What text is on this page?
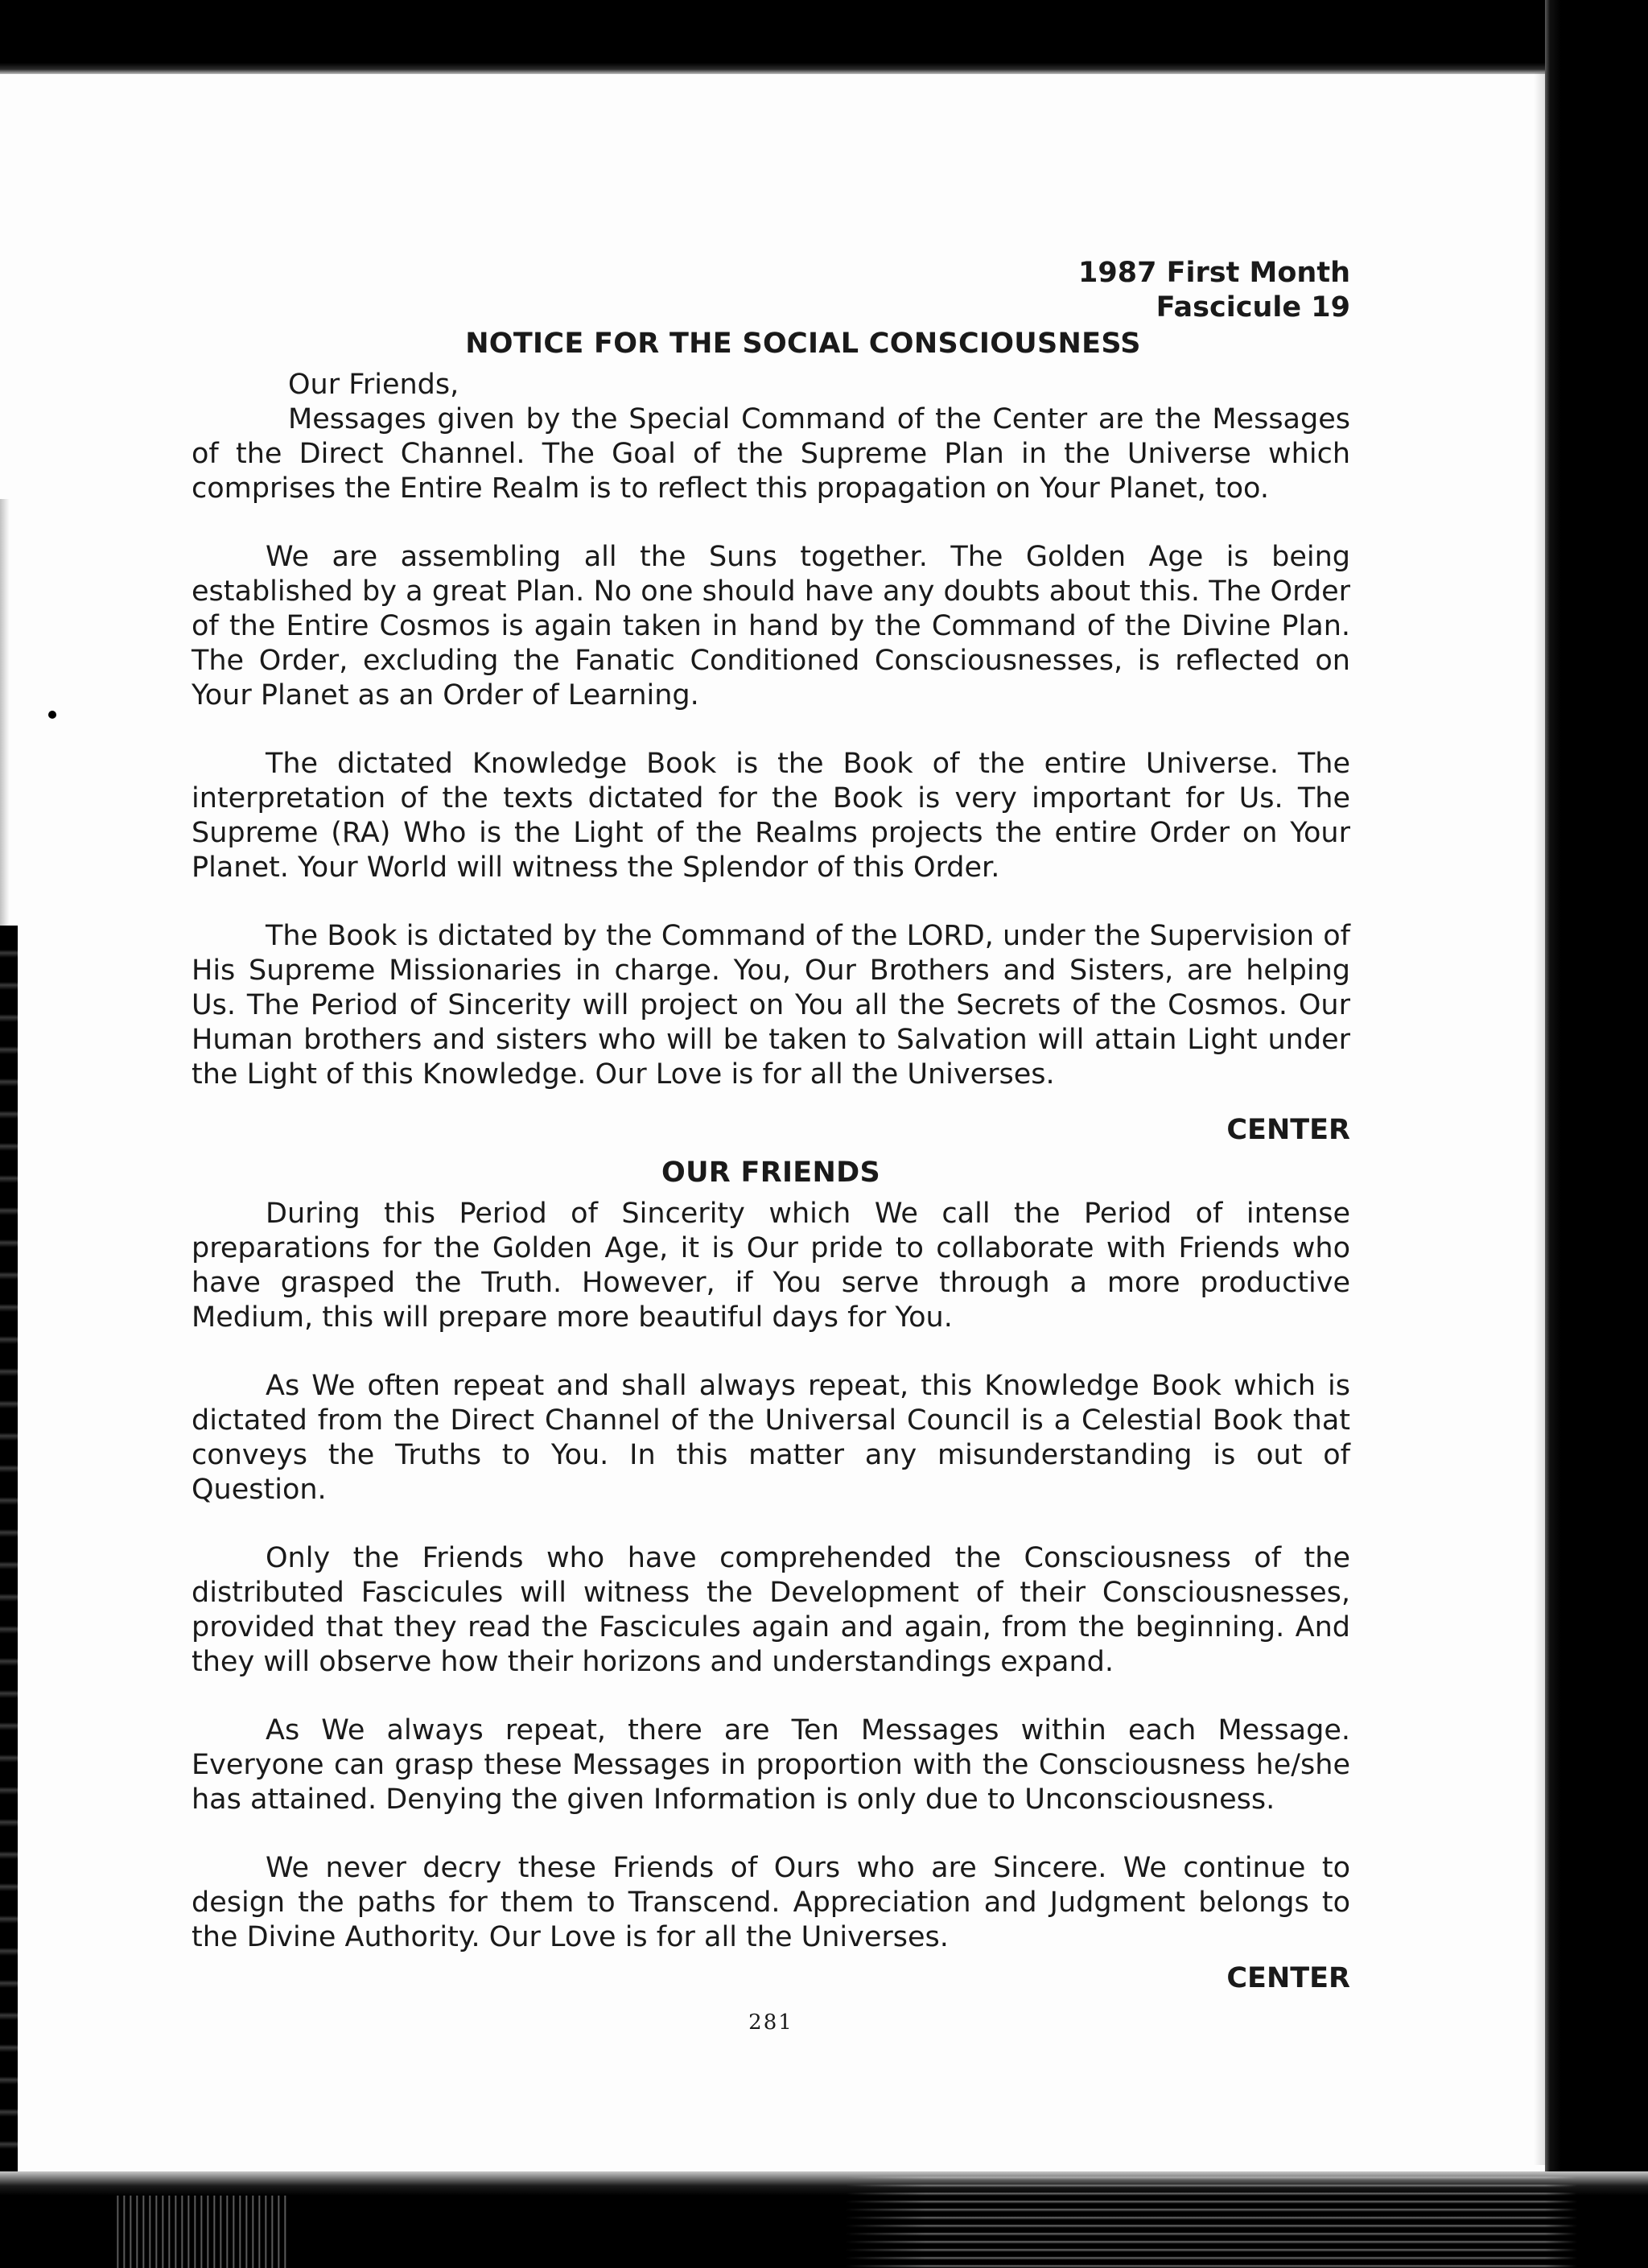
1987 First Month
Fascicule 19
NOTICE FOR THE SOCIAL CONSCIOUSNESS
Our Friends,

Messages given by the Special Command of the Center are the Messages of the Direct Channel. The Goal of the Supreme Plan in the Universe which comprises the Entire Realm is to reflect this propagation on Your Planet, too.

We are assembling all the Suns together. The Golden Age is being established by a great Plan. No one should have any doubts about this. The Order of the Entire Cosmos is again taken in hand by the Command of the Divine Plan. The Order, excluding the Fanatic Conditioned Consciousnesses, is reflected on Your Planet as an Order of Learning.

The dictated Knowledge Book is the Book of the entire Universe. The interpretation of the texts dictated for the Book is very important for Us. The Supreme (RA) Who is the Light of the Realms projects the entire Order on Your Planet. Your World will witness the Splendor of this Order.

The Book is dictated by the Command of the LORD, under the Supervision of His Supreme Missionaries in charge. You, Our Brothers and Sisters, are helping Us. The Period of Sincerity will project on You all the Secrets of the Cosmos. Our Human brothers and sisters who will be taken to Salvation will attain Light under the Light of this Knowledge. Our Love is for all the Universes.

CENTER
OUR FRIENDS

During this Period of Sincerity which We call the Period of intense preparations for the Golden Age, it is Our pride to collaborate with Friends who have grasped the Truth. However, if You serve through a more productive Medium, this will prepare more beautiful days for You.

As We often repeat and shall always repeat, this Knowledge Book which is dictated from the Direct Channel of the Universal Council is a Celestial Book that conveys the Truths to You. In this matter any misunderstanding is out of Question.

Only the Friends who have comprehended the Consciousness of the distributed Fascicules will witness the Development of their Consciousnesses, provided that they read the Fascicules again and again, from the beginning. And they will observe how their horizons and understandings expand.

As We always repeat, there are Ten Messages within each Message. Everyone can grasp these Messages in proportion with the Consciousness he/she has attained. Denying the given Information is only due to Unconsciousness.

We never decry these Friends of Ours who are Sincere. We continue to design the paths for them to Transcend. Appreciation and Judgment belongs to the Divine Authority. Our Love is for all the Universes.

CENTER
281
